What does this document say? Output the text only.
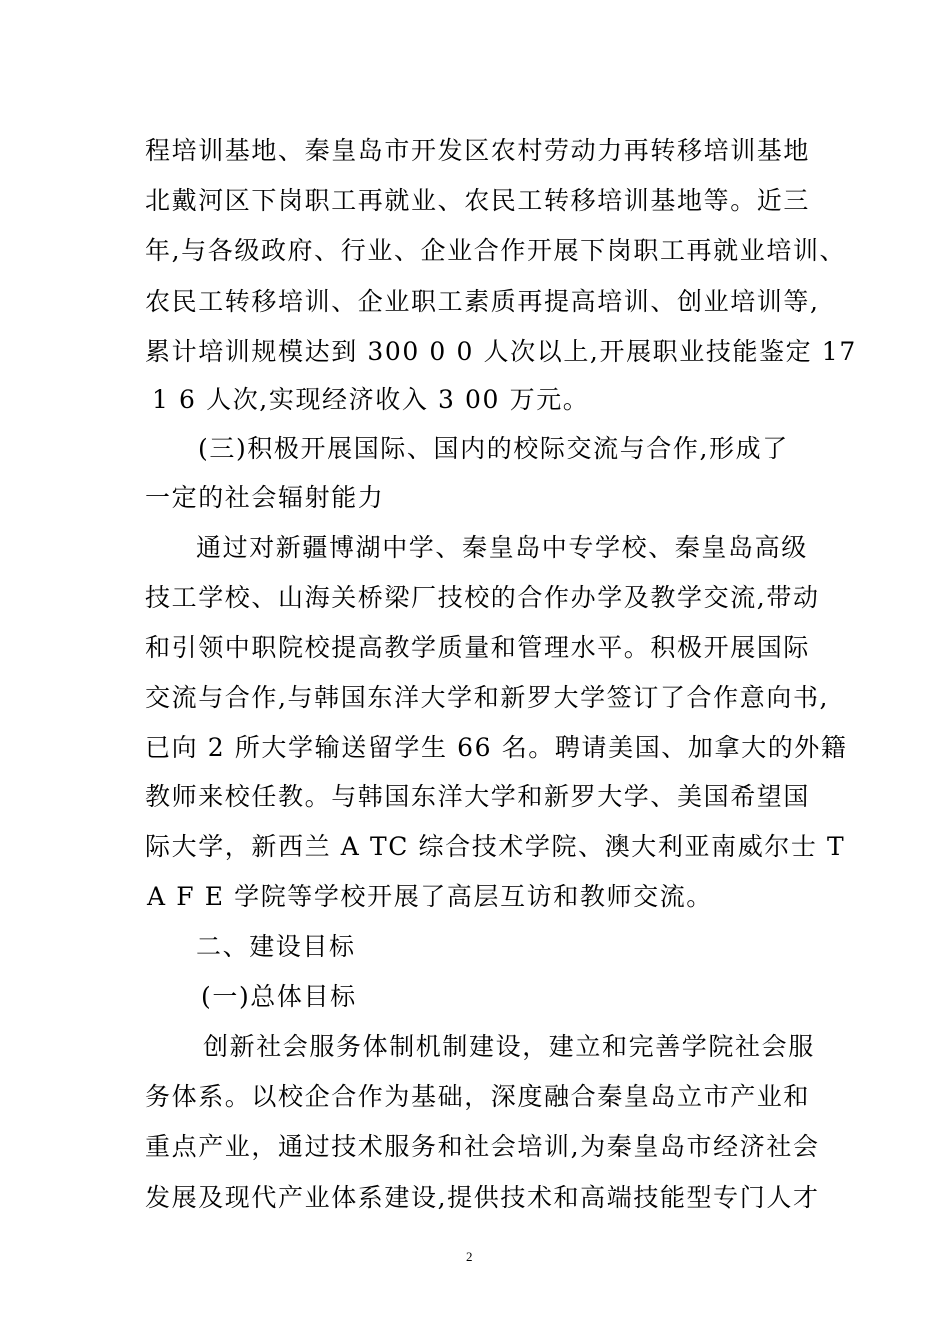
程培训基地、秦皇岛市开发区农村劳动力再转移培训基地
北戴河区下岗职工再就业、农民工转移培训基地等。近三
年,与各级政府、行业、企业合作开展下岗职工再就业培训、
农民工转移培训、企业职工素质再提高培训、创业培训等,
累计培训规模达到 300 0 0 人次以上,开展职业技能鉴定 17
1 6 人次,实现经济收入 3 00 万元。
(三)积极开展国际、国内的校际交流与合作,形成了
一定的社会辐射能力
通过对新疆博湖中学、秦皇岛中专学校、秦皇岛高级
技工学校、山海关桥梁厂技校的合作办学及教学交流,带动
和引领中职院校提高教学质量和管理水平。积极开展国际
交流与合作,与韩国东洋大学和新罗大学签订了合作意向书,
已向 2 所大学输送留学生 66 名。聘请美国、加拿大的外籍
教师来校任教。与韩国东洋大学和新罗大学、美国希望国
际大学，新西兰 A TC 综合技术学院、澳大利亚南威尔士 T
A F E 学院等学校开展了高层互访和教师交流。
二、建设目标
(一)总体目标
创新社会服务体制机制建设，建立和完善学院社会服
务体系。以校企合作为基础，深度融合秦皇岛立市产业和
重点产业，通过技术服务和社会培训,为秦皇岛市经济社会
发展及现代产业体系建设,提供技术和高端技能型专门人才
2
